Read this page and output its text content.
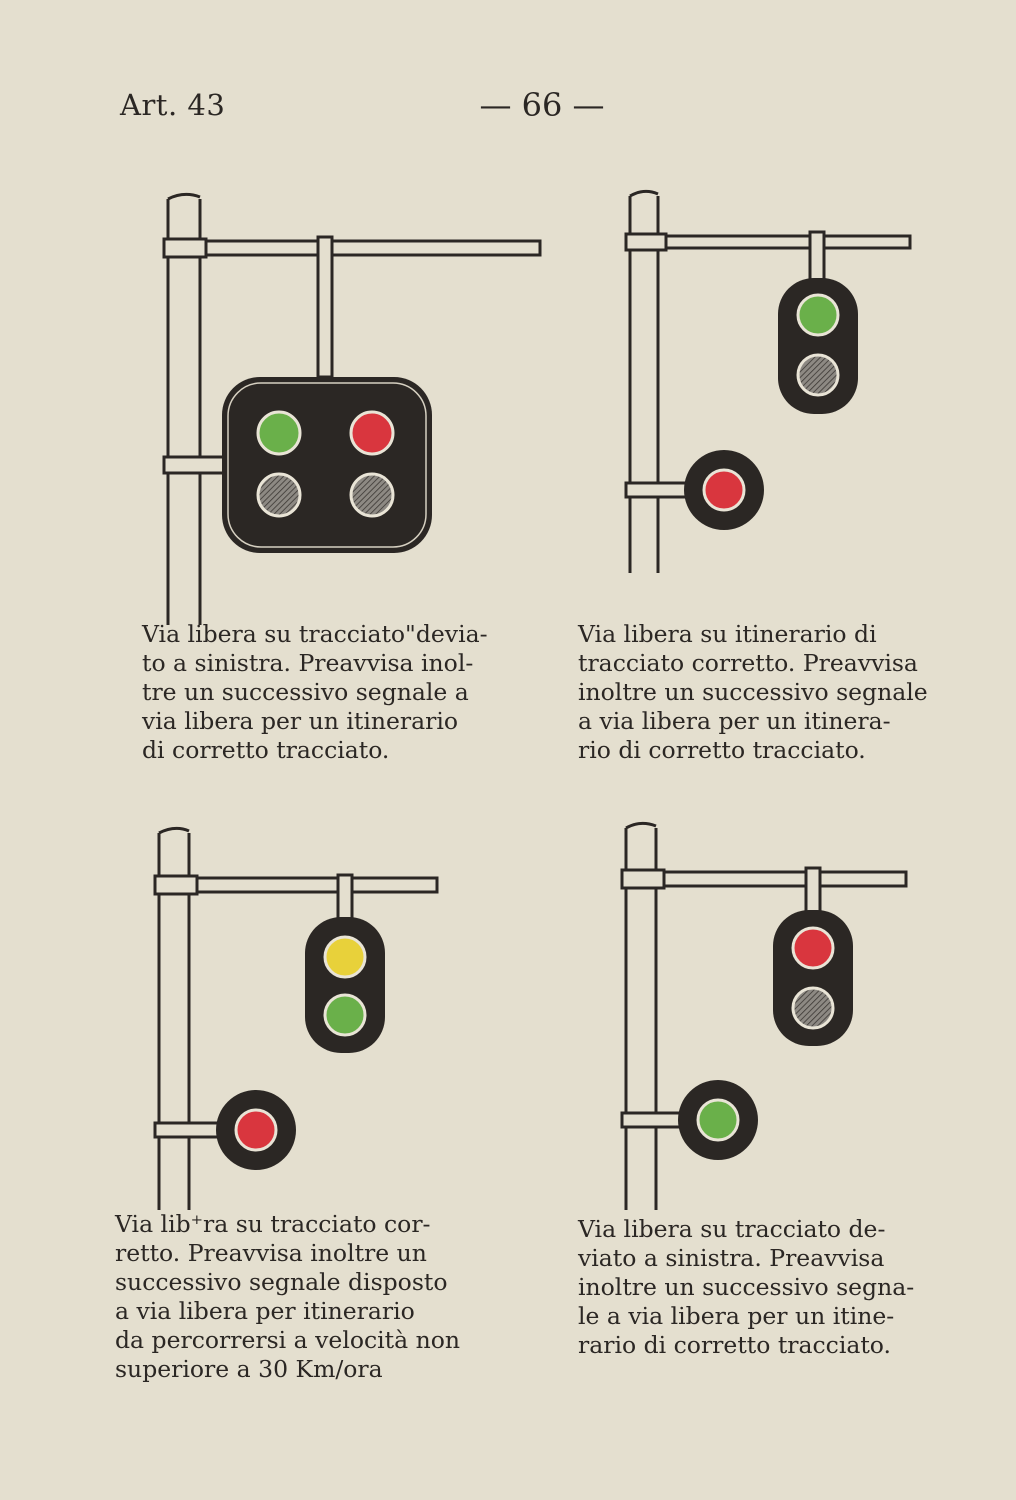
Art. 43	— 66 —
Via libera su tracciato"devia-
to a sinistra. Preavvisa inol-
tre un successivo segnale a
via libera per un itinerario
di corretto tracciato.
Via libera su itinerario di
tracciato corretto. Preavvisa
inoltre un successivo segnale
a via libera per un itinera-
rio di corretto tracciato.
Via lib⁺ra su tracciato cor-
retto. Preavvisa inoltre un
successivo segnale disposto
a via libera per itinerario
da percorrersi a velocità non
superiore a 30 Km/ora
Via libera su tracciato de-
viato a sinistra. Preavvisa
inoltre un successivo segna-
le a via libera per un itine-
rario di corretto tracciato.
